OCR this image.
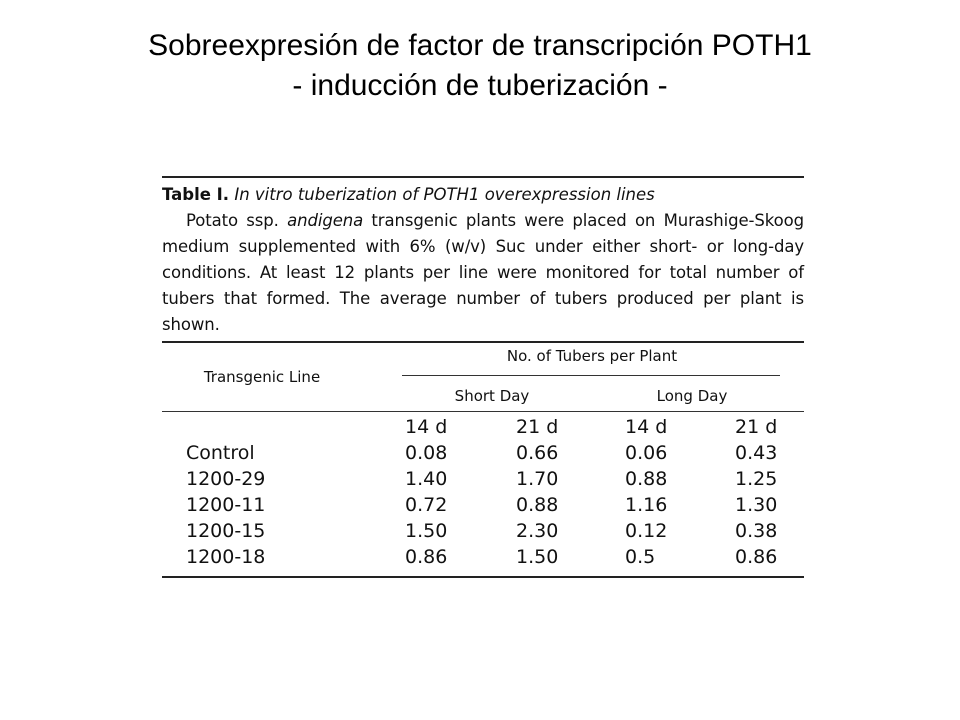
Sobreexpresión de factor de transcripción POTH1
- inducción de tuberización -
Table I. In vitro tuberization of POTH1 overexpression lines
Potato ssp. andigena transgenic plants were placed on Murashige-Skoog medium supplemented with 6% (w/v) Suc under either short- or long-day conditions. At least 12 plants per line were monitored for total number of tubers that formed. The average number of tubers produced per plant is shown.
Transgenic Line
No. of Tubers per Plant
Short Day	Long Day
14 d	21 d	14 d	21 d
Control	0.08	0.66	0.06	0.43
1200-29	1.40	1.70	0.88	1.25
1200-11	0.72	0.88	1.16	1.30
1200-15	1.50	2.30	0.12	0.38
1200-18	0.86	1.50	0.5	0.86
